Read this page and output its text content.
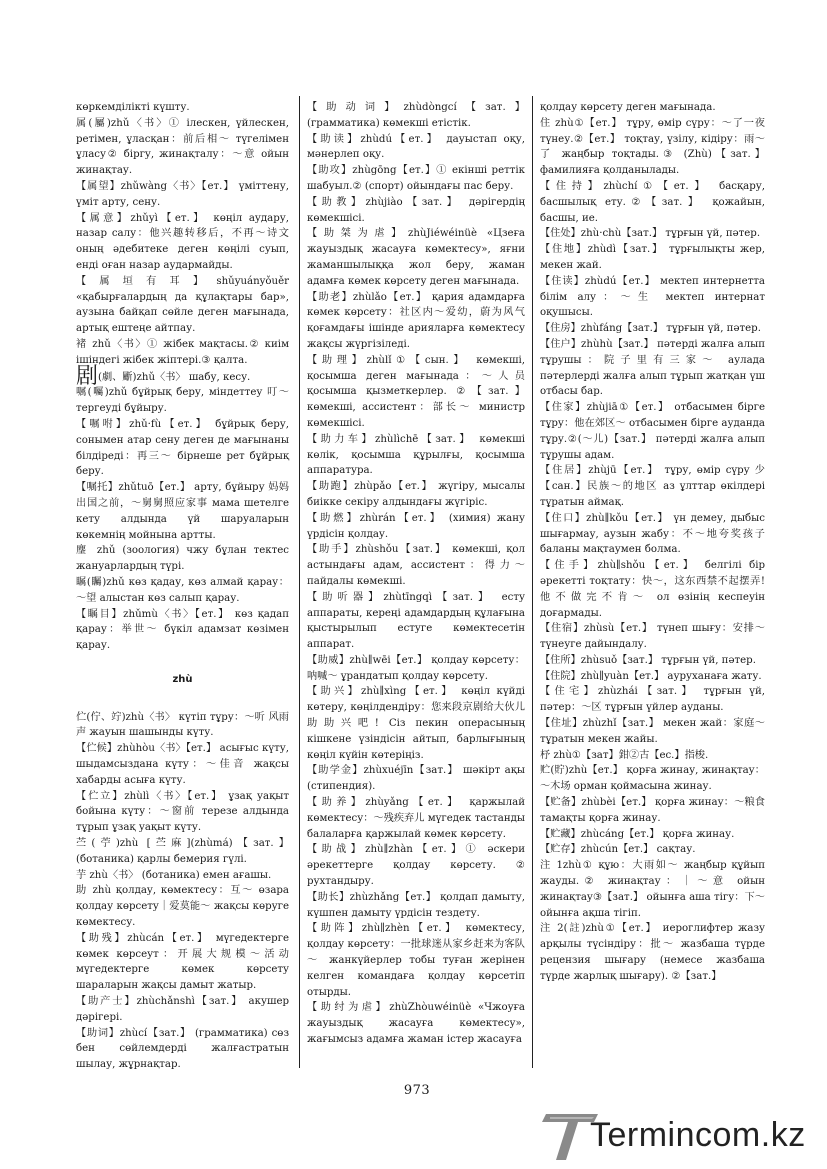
көркемділікті күшту.

属(屬)zhǔ〈书〉① ілескен, үйлескен, ретімен, ұласқан：前后相～ түгелімен ұласу② біргу, жинақталу：～意 ойын жинақтау.

【属望】zhǔwàng〈书〉【ет.】 үміттену, үміт арту, сену.

【属意】zhǔyì【ет.】 көңіл аудару, назар салу：他兴趣转移后，不再～诗文 оның әдебитеке деген көңілі суып, енді оған назар аудармайды.

【属垣有耳】shǔyuányǒuěr «қабырғалардың да құлақтары бар», аузына байқап сөйле деген мағынада, артық ештеңе айтпау.

褚 zhǔ〈书〉① жібек мақтасы.② киім ішіндегі жібек жіптері.③ қалта.

剧(劇、斸)zhǔ〈书〉 шабу, кесу.

嘱(囑)zhǔ бұйрық беру, міндеттеу 叮～ тергеуді бұйыру.

【嘱咐】zhǔ·fù【ет.】 бұйрық беру, сонымен атар сену деген де мағынаны білдіреді：再三～ бірнеше рет бұйрық беру.

【嘱托】zhǔtuō【ет.】 арту, бұйыру 妈妈出国之前，～舅舅照应家事 мама шетелге кету алдында үй шаруаларын көкемнің мойнына артты.

麈 zhǔ (зоология) чжу бұлан тектес жануарлардың түрі.

瞩(矚)zhǔ көз қадау, көз алмай қарау：～望 алыстан көз салып қарау.

【瞩目】zhǔmù〈书〉【ет.】 көз қадап қарау：举世～ бүкіл адамзат көзімен қарау.

zhù

伫(佇、竚)zhù〈书〉 күтіп тұру：～听 风雨声 жауын шашынды күту.

【伫候】zhùhòu〈书〉【ет.】 асығыс күту, шыдамсыздана күту：～佳音 жақсы хабарды асыға күту.

【伫立】zhùlì〈书〉【ет.】 ұзақ уақыт бойына күту：～窗前 терезе алдында тұрып ұзақ уақыт күту.

苎(苧)zhù [苎麻](zhùmá)【зат.】 (ботаника) қарлы бемерия гүлі.

芋 zhù〈书〉 (ботаника) емен ағашы.

助 zhù қолдау, көмектесу：互～ өзара қолдау көрсету｜爱莫能～ жақсы көруге көмектесу.

【助残】zhùcán【ет.】 мүгедектерге көмек көрсеут：开展大规模～活动 мүгедектерге көмек көрсету шараларын жақсы дамыт жатыр.

【助产士】zhùchǎnshì【зат.】 акушер дәрігері.

【助词】zhùcí【зат.】 (грамматика) сөз бен сөйлемдерді жалғастратын шылау, жұрнақтар.

【助动词】zhùdòngcí【зат.】 (грамматика) көмекші етістік.

【助读】zhùdú【ет.】 дауыстап оқу, мәнерлеп оқу.

【助攻】zhùgōng【ет.】① екінші реттік шабуыл.② (спорт) ойындағы пас беру.

【助教】zhùjiào【зат.】 дәрігердің көмекшісі.

【助桀为虐】zhùJiéwéinüè «Цзеға жауыздық жасауға көмектесу», яғни жаманшылыққа жол беру, жаман адамға көмек көрсету деген мағынада.

【助老】zhùlǎo【ет.】 қария адамдарға көмек көрсету：社区内～爱幼，蔚为风气 қоғамдағы ішінде арияларға көмектесу жақсы жүргізіледі.

【助理】zhùlǐ①【сын.】 көмекші, қосымша деген мағынада：～人员 қосымша қызметкерлер. ②【зат.】 көмекші, ассистент：部长～ министр көмекшісі.

【助力车】zhùlìchē【зат.】 көмекші көлік, қосымша құрылғы, қосымша аппаратура.

【助跑】zhùpǎo【ет.】 жүгіру, мысалы биікке секіру алдындағы жүгіріс.

【助燃】zhùrán【ет.】 (химия) жану үрдісін қолдау.

【助手】zhùshǒu【зат.】 көмекші, қол астындағы адам, ассистент：得力～ пайдалы көмекші.

【助听器】zhùtīngqì【зат.】 есту аппараты, кереңі адамдардың құлағына қыстырылып естуге көмектесетін аппарат.

【助威】zhù∥wēi【ет.】 қолдау көрсету：呐喊～ ұрандатып қолдау көрсету.

【助兴】zhù∥xìng【ет.】 көңіл күйді көтеру, көңілдендіру：您来段京剧给大伙儿助助兴吧! Сіз пекин операсының кішкене үзіндісін айтып, барлығының көңіл күйін көтеріңіз.

【助学金】zhùxuéjīn【зат.】 шәкірт ақы (стипендия).

【助养】zhùyǎng【ет.】 қаржылай көмектесу：～残疾弃儿 мүгедек тастанды балаларға қаржылай көмек көрсету.

【助战】zhù∥zhàn【ет.】① әскери әрекеттерге қолдау көрсету. ② рухтандыру.

【助长】zhùzhǎng【ет.】 қолдап дамыту, күшпен дамыту үрдісін тездету.

【助阵】zhù∥zhèn【ет.】 көмектесу, қолдау көрсету：一批球迷从家乡赶来为客队～ жанкүйерлер тобы туған жерінен келген командаға қолдау көрсетіп отырды.

【助纣为虐】zhùZhòuwéinüè «Чжоуға жауыздық жасауға көмектесу», жағымсыз адамға жаман істер жасауға

қолдау көрсету деген мағынада.

住 zhù①【ет.】 тұру, өмір сүру：～了一夜 түнеу.②【ет.】 тоқтау, үзілу, кідіру：雨～了 жаңбыр тоқтады.③ (Zhù)【зат.】 фамилияға қолданылады.

【住持】zhùchí①【ет.】 басқару, басшылық ету.②【зат.】 қожайын, басшы, ие.

【住处】zhù·chù【зат.】 тұрғын үй, пәтер.

【住地】zhùdì【зат.】 тұрғылықты жер, мекен жай.

【住读】zhùdú【ет.】 мектеп интернетта білім алу：～生 мектеп интернат оқушысы.

【住房】zhùfáng【зат.】 тұрғын үй, пәтер.

【住户】zhùhù【зат.】 пәтерді жалға алып тұрушы：院子里有三家～ аулада пәтерлерді жалға алып тұрып жатқан үш отбасы бар.

【住家】zhùjiā①【ет.】 отбасымен бірге тұру：他在郊区～ отбасымен бірге ауданда тұру.②(～儿)【зат.】 пәтерді жалға алып тұрушы адам.

【住居】zhùjū【ет.】 тұру, өмір сүру 少【сан.】民族～的地区 аз ұлттар өкілдері тұратын аймақ.

【住口】zhù∥kǒu【ет.】 үн демеу, дыбыс шығармау, аузын жабу：不～地夸奖孩子 баланы мақтаумен болма.

【住手】zhù∥shǒu【ет.】 белгілі бір әрекетті тоқтату：快～，这东西禁不起摆弄! 他不做完不肯～ ол өзінің кеспеуін доғармады.

【住宿】zhùsù【ет.】 түнеп шығу：安排～ түнеуге дайындалу.

【住所】zhùsuǒ【зат.】 тұрғын үй, пәтер.

【住院】zhù∥yuàn【ет.】 ауруханаға жату.

【住宅】zhùzhái【зат.】 тұрғын үй, пәтер：～区 тұрғын үйлер ауданы.

【住址】zhùzhǐ【зат.】 мекен жай：家庭～ тұратын мекен жайы.

杼 zhù①【зат】鉗②古【ес.】指梭.

贮(貯)zhù【ет.】 қорға жинау, жинақтау：～木场 орман қоймасына жинау.

【贮备】zhùbèi【ет.】 қорға жинау：～粮食 тамақты қорға жинау.

【贮藏】zhùcáng【ет.】 қорға жинау.

【贮存】zhùcún【ет.】 сақтау.

注 1zhù① құю：大雨如～ жаңбыр құйып жауды.② жинақтау：｜～意 ойын жинақтау③【зат.】 ойынға аша тігу：下～ ойынға ақша тігіп.

注 2(註)zhù①【ет.】 иероглифтер жазу арқылы түсіндіру：批～ жазбаша түрде рецензия шығару (немесе жазбаша түрде жарлық шығару). ②【зат.】

973
Termincom.kz
